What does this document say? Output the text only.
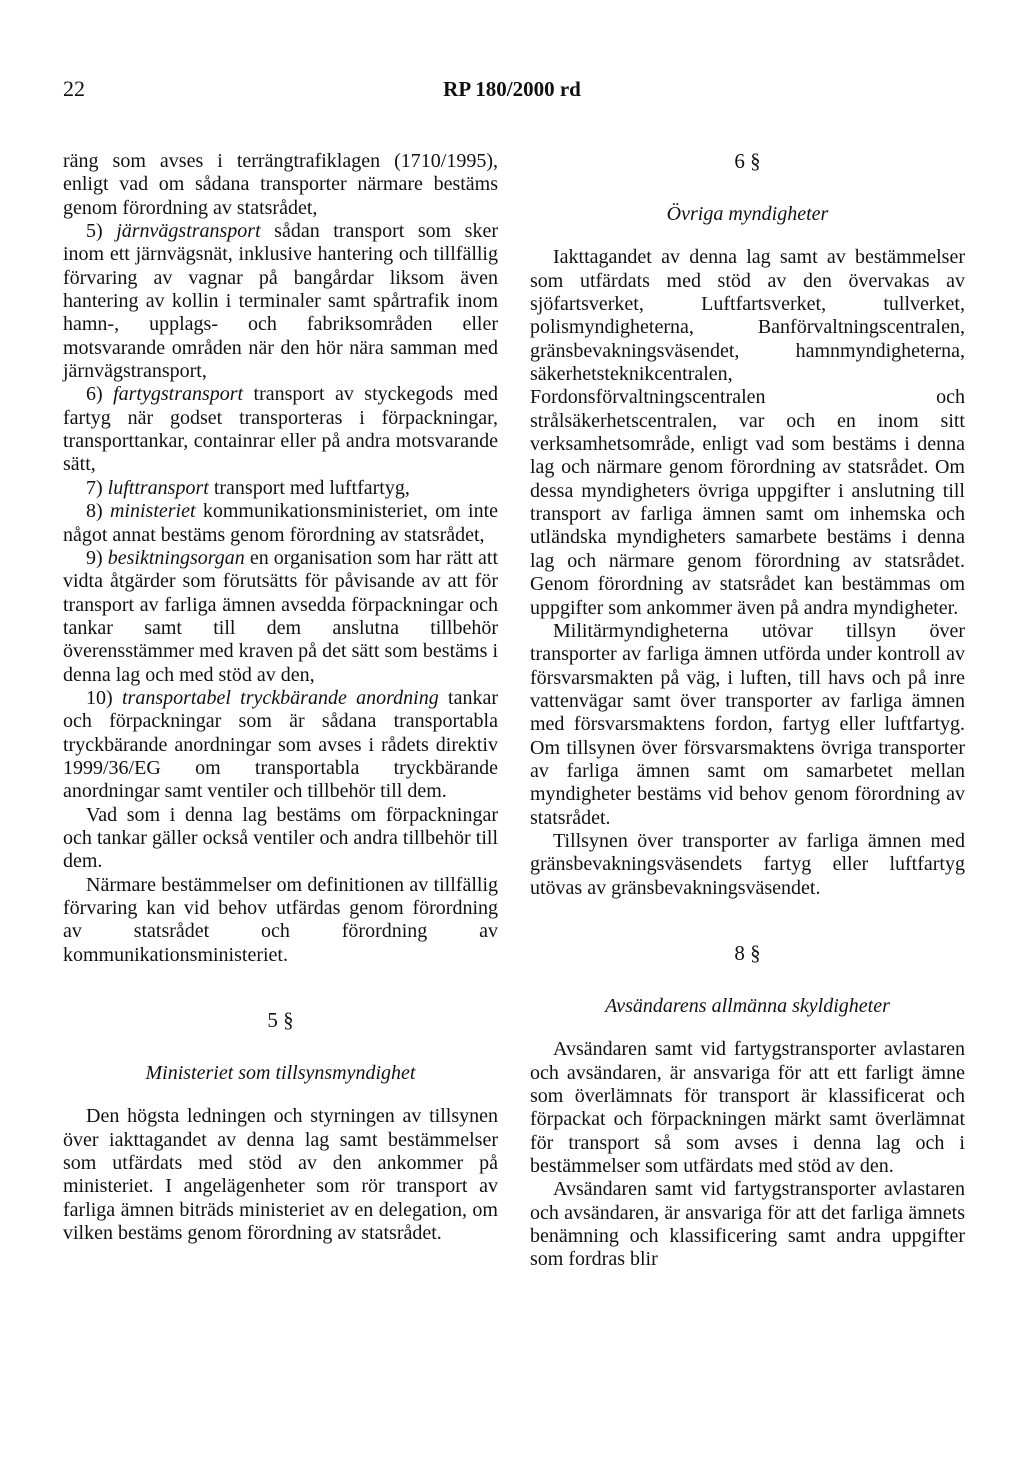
22	RP 180/2000 rd

räng som avses i terrängtrafiklagen (1710/1995), enligt vad om sådana transporter närmare bestäms genom förordning av statsrådet,

5) järnvägstransport sådan transport som sker inom ett järnvägsnät, inklusive hantering och tillfällig förvaring av vagnar på bangårdar liksom även hantering av kollin i terminaler samt spårtrafik inom hamn-, upplags- och fabriksområden eller motsvarande områden när den hör nära samman med järnvägstransport,

6) fartygstransport transport av styckegods med fartyg när godset transporteras i förpackningar, transporttankar, containrar eller på andra motsvarande sätt,

7) lufttransport transport med luftfartyg,

8) ministeriet kommunikationsministeriet, om inte något annat bestäms genom förordning av statsrådet,

9) besiktningsorgan en organisation som har rätt att vidta åtgärder som förutsätts för påvisande av att för transport av farliga ämnen avsedda förpackningar och tankar samt till dem anslutna tillbehör överensstämmer med kraven på det sätt som bestäms i denna lag och med stöd av den,

10) transportabel tryckbärande anordning tankar och förpackningar som är sådana transportabla tryckbärande anordningar som avses i rådets direktiv 1999/36/EG om transportabla tryckbärande anordningar samt ventiler och tillbehör till dem.

Vad som i denna lag bestäms om förpackningar och tankar gäller också ventiler och andra tillbehör till dem.

Närmare bestämmelser om definitionen av tillfällig förvaring kan vid behov utfärdas genom förordning av statsrådet och förordning av kommunikationsministeriet.

5 §

Ministeriet som tillsynsmyndighet

Den högsta ledningen och styrningen av tillsynen över iakttagandet av denna lag samt bestämmelser som utfärdats med stöd av den ankommer på ministeriet. I angelägenheter som rör transport av farliga ämnen biträds ministeriet av en delegation, om vilken bestäms genom förordning av statsrådet.

6 §

Övriga myndigheter

Iakttagandet av denna lag samt av bestämmelser som utfärdats med stöd av den övervakas av sjöfartsverket, Luftfartsverket, tullverket, polismyndigheterna, Banförvaltningscentralen, gränsbevakningsväsendet, hamnmyndigheterna, säkerhetsteknikcentralen, Fordonsförvaltningscentralen och strålsäkerhetscentralen, var och en inom sitt verksamhetsområde, enligt vad som bestäms i denna lag och närmare genom förordning av statsrådet. Om dessa myndigheters övriga uppgifter i anslutning till transport av farliga ämnen samt om inhemska och utländska myndigheters samarbete bestäms i denna lag och närmare genom förordning av statsrådet. Genom förordning av statsrådet kan bestämmas om uppgifter som ankommer även på andra myndigheter.

Militärmyndigheterna utövar tillsyn över transporter av farliga ämnen utförda under kontroll av försvarsmakten på väg, i luften, till havs och på inre vattenvägar samt över transporter av farliga ämnen med försvarsmaktens fordon, fartyg eller luftfartyg. Om tillsynen över försvarsmaktens övriga transporter av farliga ämnen samt om samarbetet mellan myndigheter bestäms vid behov genom förordning av statsrådet.

Tillsynen över transporter av farliga ämnen med gränsbevakningsväsendets fartyg eller luftfartyg utövas av gränsbevakningsväsendet.

8 §

Avsändarens allmänna skyldigheter

Avsändaren samt vid fartygstransporter avlastaren och avsändaren, är ansvariga för att ett farligt ämne som överlämnats för transport är klassificerat och förpackat och förpackningen märkt samt överlämnat för transport så som avses i denna lag och i bestämmelser som utfärdats med stöd av den.

Avsändaren samt vid fartygstransporter avlastaren och avsändaren, är ansvariga för att det farliga ämnets benämning och klassificering samt andra uppgifter som fordras blir
